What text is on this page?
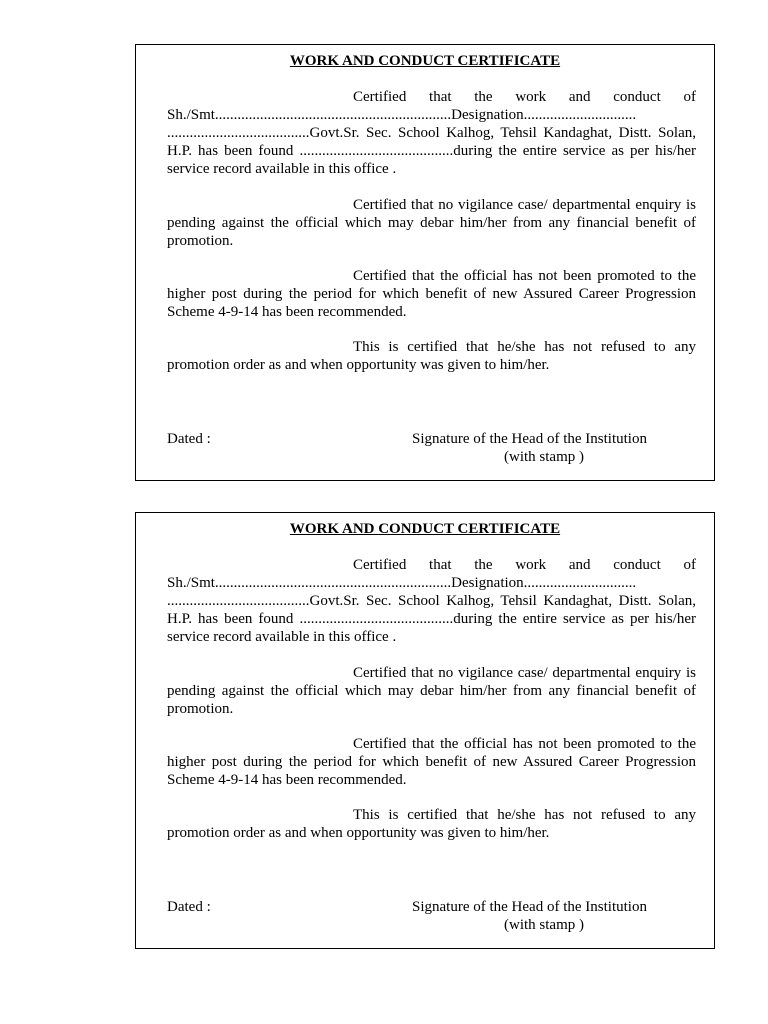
WORK AND CONDUCT CERTIFICATE

Certified that the work and conduct of Sh./Smt...............................................................Designation.............................. ......................................Govt.Sr. Sec. School Kalhog, Tehsil Kandaghat, Distt. Solan, H.P. has been found .........................................during the entire service as per his/her service record available in this office .

Certified that no vigilance case/ departmental enquiry is pending against the official which may debar him/her from any financial benefit of promotion.

Certified that the official has not been promoted to the higher post during the period for which benefit of new Assured Career Progression Scheme 4-9-14 has been recommended.

This is certified that he/she has not refused to any promotion order as and when opportunity was given to him/her.

Dated :	Signature of the Head of the Institution
(with stamp )
WORK AND CONDUCT CERTIFICATE

Certified that the work and conduct of Sh./Smt...............................................................Designation.............................. ......................................Govt.Sr. Sec. School Kalhog, Tehsil Kandaghat, Distt. Solan, H.P. has been found .........................................during the entire service as per his/her service record available in this office .

Certified that no vigilance case/ departmental enquiry is pending against the official which may debar him/her from any financial benefit of promotion.

Certified that the official has not been promoted to the higher post during the period for which benefit of new Assured Career Progression Scheme 4-9-14 has been recommended.

This is certified that he/she has not refused to any promotion order as and when opportunity was given to him/her.

Dated :	Signature of the Head of the Institution
(with stamp )
